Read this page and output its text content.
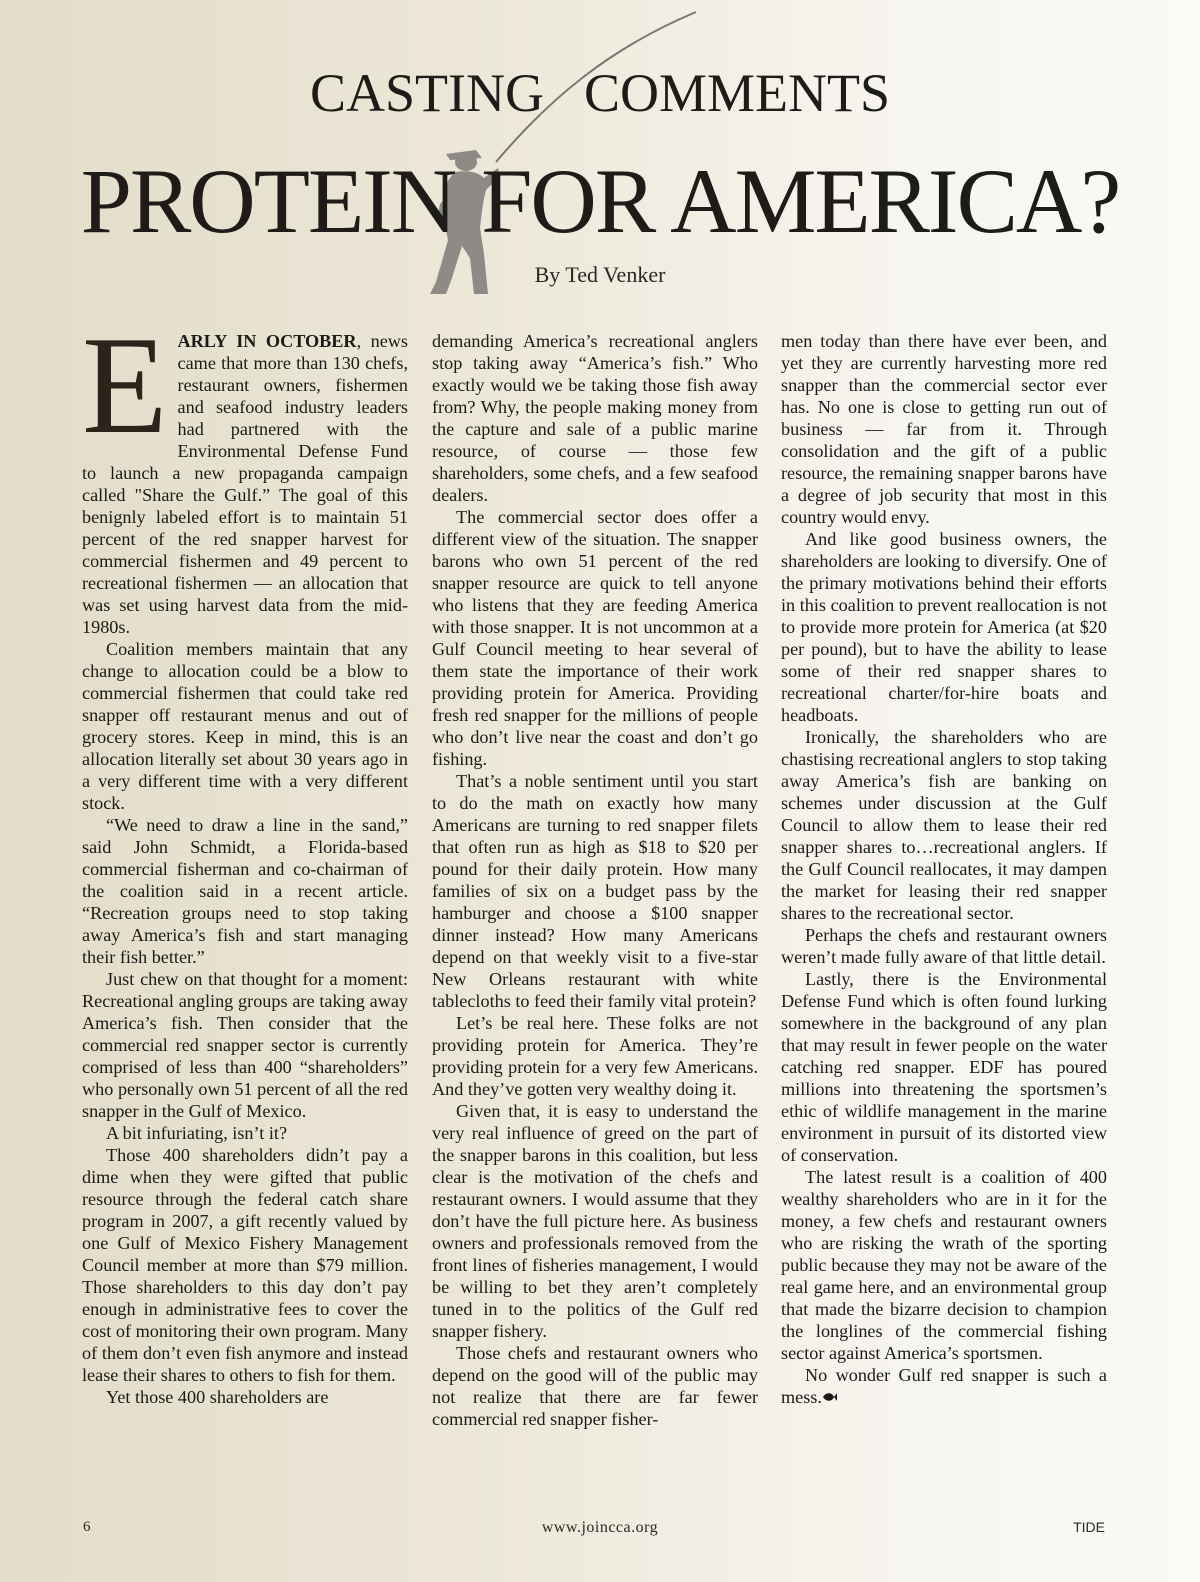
CASTING COMMENTS
PROTEIN FOR AMERICA?
By Ted Venker

EARLY IN OCTOBER, news came that more than 130 chefs, restaurant owners, fishermen and seafood industry leaders had partnered with the Environmental Defense Fund to launch a new propaganda campaign called "Share the Gulf.” The goal of this benignly labeled effort is to maintain 51 percent of the red snapper harvest for commercial fishermen and 49 percent to recreational fishermen — an allocation that was set using harvest data from the mid-1980s.

Coalition members maintain that any change to allocation could be a blow to commercial fishermen that could take red snapper off restaurant menus and out of grocery stores. Keep in mind, this is an allocation literally set about 30 years ago in a very different time with a very different stock.

“We need to draw a line in the sand,” said John Schmidt, a Florida-based commercial fisherman and co-chairman of the coalition said in a recent article. “Recreation groups need to stop taking away America’s fish and start managing their fish better.”

Just chew on that thought for a moment: Recreational angling groups are taking away America’s fish. Then consider that the commercial red snapper sector is currently comprised of less than 400 “shareholders” who personally own 51 percent of all the red snapper in the Gulf of Mexico.

A bit infuriating, isn’t it?

Those 400 shareholders didn’t pay a dime when they were gifted that public resource through the federal catch share program in 2007, a gift recently valued by one Gulf of Mexico Fishery Management Council member at more than $79 million. Those shareholders to this day don’t pay enough in administrative fees to cover the cost of monitoring their own program. Many of them don’t even fish anymore and instead lease their shares to others to fish for them.

Yet those 400 shareholders are

demanding America’s recreational anglers stop taking away “America’s fish.” Who exactly would we be taking those fish away from? Why, the people making money from the capture and sale of a public marine resource, of course — those few shareholders, some chefs, and a few seafood dealers.

The commercial sector does offer a different view of the situation. The snapper barons who own 51 percent of the red snapper resource are quick to tell anyone who listens that they are feeding America with those snapper. It is not uncommon at a Gulf Council meeting to hear several of them state the importance of their work providing protein for America. Providing fresh red snapper for the millions of people who don’t live near the coast and don’t go fishing.

That’s a noble sentiment until you start to do the math on exactly how many Americans are turning to red snapper filets that often run as high as $18 to $20 per pound for their daily protein. How many families of six on a budget pass by the hamburger and choose a $100 snapper dinner instead? How many Americans depend on that weekly visit to a five-star New Orleans restaurant with white tablecloths to feed their family vital protein?

Let’s be real here. These folks are not providing protein for America. They’re providing protein for a very few Americans. And they’ve gotten very wealthy doing it.

Given that, it is easy to understand the very real influence of greed on the part of the snapper barons in this coalition, but less clear is the motivation of the chefs and restaurant owners. I would assume that they don’t have the full picture here. As business owners and professionals removed from the front lines of fisheries management, I would be willing to bet they aren’t completely tuned in to the politics of the Gulf red snapper fishery.

Those chefs and restaurant owners who depend on the good will of the public may not realize that there are far fewer commercial red snapper fisher-

men today than there have ever been, and yet they are currently harvesting more red snapper than the commercial sector ever has. No one is close to getting run out of business — far from it. Through consolidation and the gift of a public resource, the remaining snapper barons have a degree of job security that most in this country would envy.

And like good business owners, the shareholders are looking to diversify. One of the primary motivations behind their efforts in this coalition to prevent reallocation is not to provide more protein for America (at $20 per pound), but to have the ability to lease some of their red snapper shares to recreational charter/for-hire boats and headboats.

Ironically, the shareholders who are chastising recreational anglers to stop taking away America’s fish are banking on schemes under discussion at the Gulf Council to allow them to lease their red snapper shares to…recreational anglers. If the Gulf Council reallocates, it may dampen the market for leasing their red snapper shares to the recreational sector.

Perhaps the chefs and restaurant owners weren’t made fully aware of that little detail.

Lastly, there is the Environmental Defense Fund which is often found lurking somewhere in the background of any plan that may result in fewer people on the water catching red snapper. EDF has poured millions into threatening the sportsmen’s ethic of wildlife management in the marine environment in pursuit of its distorted view of conservation.

The latest result is a coalition of 400 wealthy shareholders who are in it for the money, a few chefs and restaurant owners who are risking the wrath of the sporting public because they may not be aware of the real game here, and an environmental group that made the bizarre decision to champion the longlines of the commercial fishing sector against America’s sportsmen.

No wonder Gulf red snapper is such a mess.

6	www.joincca.org	TIDE
